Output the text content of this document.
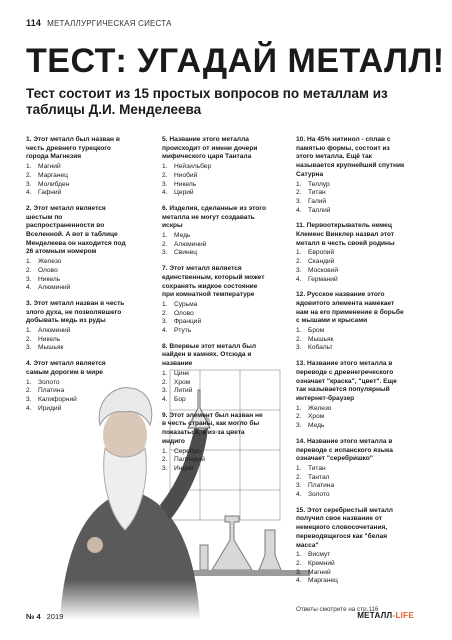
114 МЕТАЛЛУРГИЧЕСКАЯ СИЕСТА
ТЕСТ: УГАДАЙ МЕТАЛЛ!
Тест состоит из 15 простых вопросов по металлам из таблицы Д.И. Менделеева
1. Этот металл был назван в честь древнего турецкого города Магнезия
1. Магний
2. Марганец
3. Молибден
4. Гафний
2. Этот металл является шестым по распространенности во Вселенной. А вот в таблице Менделеева он находится под 26 атомным номером
1. Железо
2. Олово
3. Никель
4. Алюминий
3. Этот металл назван в честь злого духа, не позволявшего добывать медь из руды
1. Алюминий
2. Никель
3. Мышьяк
4. Этот металл является самым дорогим в мире
1. Золото
2. Платина
3. Калифорний
4. Иридий
5. Название этого металла происходит от имени дочери мифического царя Тантала
1. Нейзильбер
2. Ниобий
3. Никель
4. Церий
6. Изделия, сделанные из этого металла не могут создавать искры
1. Медь
2. Алюминий
3. Свинец
7. Этот металл является единственным, который может сохранять жидкое состояние при комнатной температуре
1. Сурьма
2. Олово
3. Франций
4. Ртуть
8. Впервые этот металл был найден в камнях. Отсюда и название
1. Цинк
2. Хром
3. Литий
4. Бор
9. Этот элемент был назван не в честь страны, как могло бы показаться, а из-за цвета индиго
1. Серебро
2. Палладий
3. Индий
10. На 45% нитинол - сплав с памятью формы, состоит из этого металла. Ещё так называется крупнейший спутник Сатурна
1. Теллур
2. Титан
3. Галий
4. Таллий
11. Первооткрыватель немец Клеменс Винклер назвал этот металл в честь своей родины
1. Европий
2. Скандий
3. Московий
4. Германий
12. Русское название этого ядовитого элемента намекает нам на его применение в борьбе с мышами и крысами
1. Бром
2. Мышьяк
3. Кобальт
13. Название этого металла в переводе с древнегреческого означает "краска", "цвет". Еще так называется популярный интернет-браузер
1. Железо
2. Хром
3. Медь
14. Название этого металла в переводе с испанского языка означает "серебришко"
1. Титан
2. Тантал
3. Платина
4. Золото
15. Этот серебристый металл получил свое название от немецкого словосочетания, переводящегося как "белая масса"
1. Висмут
2. Кремний
3. Магний
4. Марганец
Ответы смотрите на стр.116
№ 4 2019	МЕТАЛЛ-LIFE
